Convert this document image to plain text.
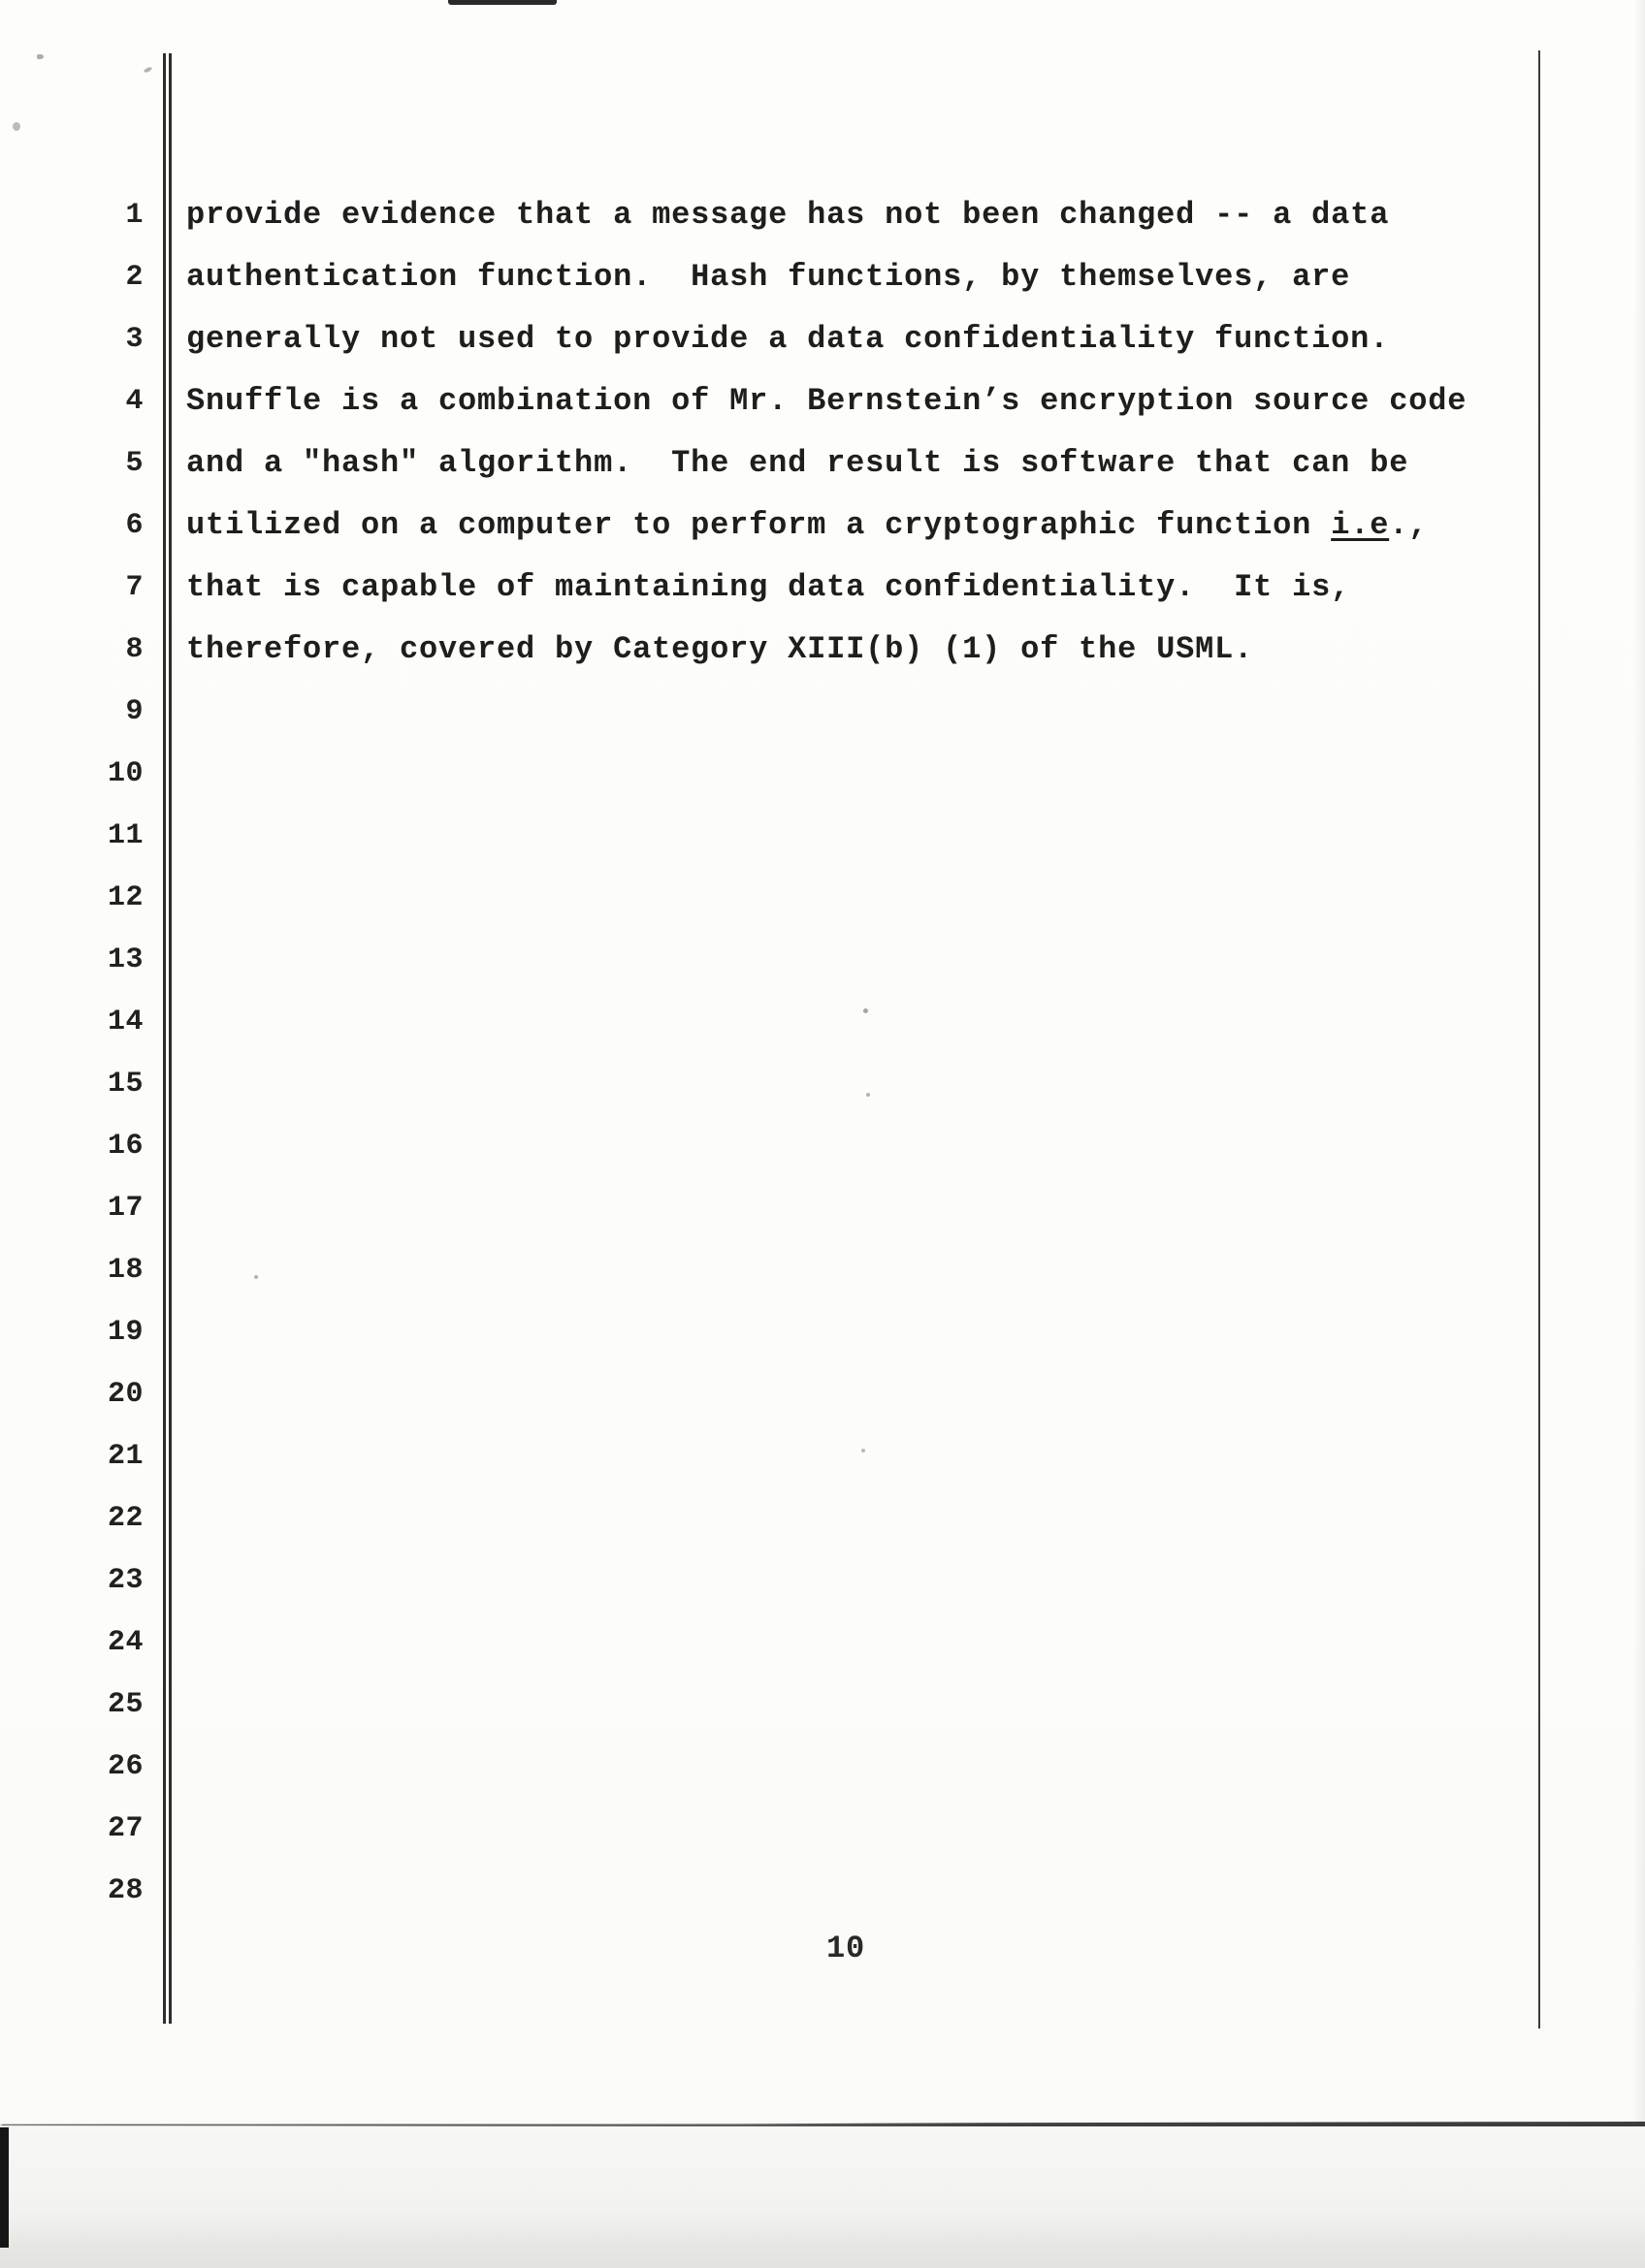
1	provide evidence that a message has not been changed -- a data
2	authentication function.  Hash functions, by themselves, are
3	generally not used to provide a data confidentiality function.
4	Snuffle is a combination of Mr. Bernstein’s encryption source code
5	and a "hash" algorithm.  The end result is software that can be
6	utilized on a computer to perform a cryptographic function i.e.,
7	that is capable of maintaining data confidentiality.  It is,
8	therefore, covered by Category XIII(b) (1) of the USML.
9
10
11
12
13
14
15
16
17
18
19
20
21
22
23
24
25
26
27
28
10
